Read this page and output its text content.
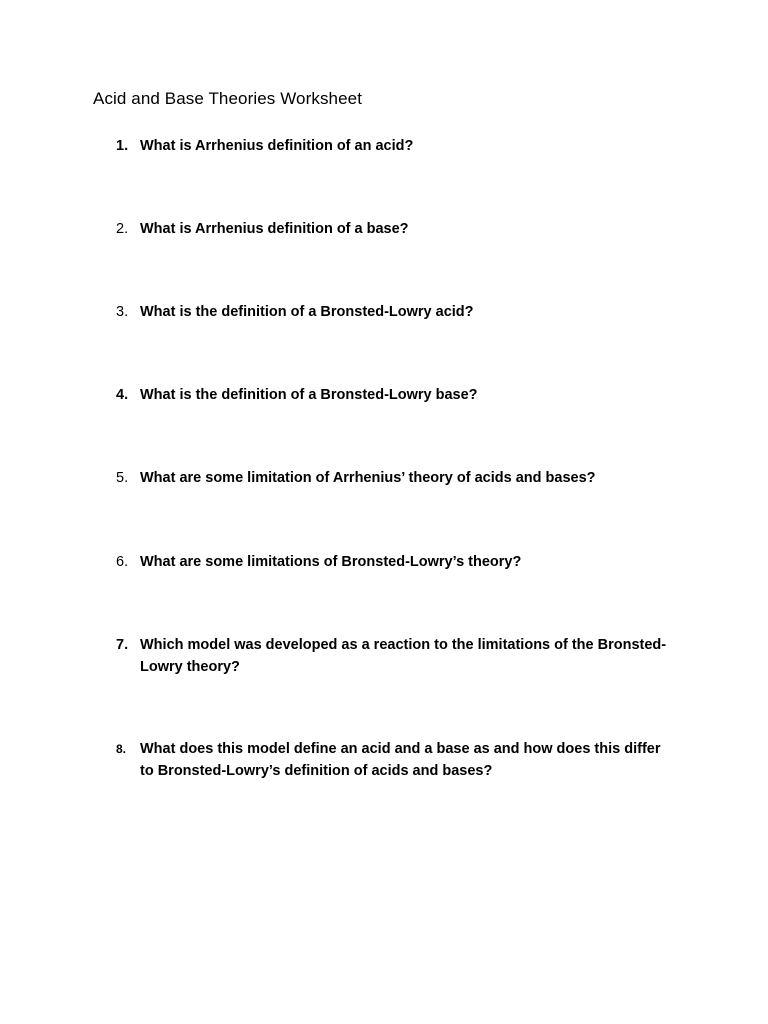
Acid and Base Theories Worksheet
1. What is Arrhenius definition of an acid?
2. What is Arrhenius definition of a base?
3. What is the definition of a Bronsted-Lowry acid?
4. What is the definition of a Bronsted-Lowry base?
5. What are some limitation of Arrhenius’ theory of acids and bases?
6. What are some limitations of Bronsted-Lowry’s theory?
7. Which model was developed as a reaction to the limitations of the Bronsted-Lowry theory?
8. What does this model define an acid and a base as and how does this differ to Bronsted-Lowry’s definition of acids and bases?
